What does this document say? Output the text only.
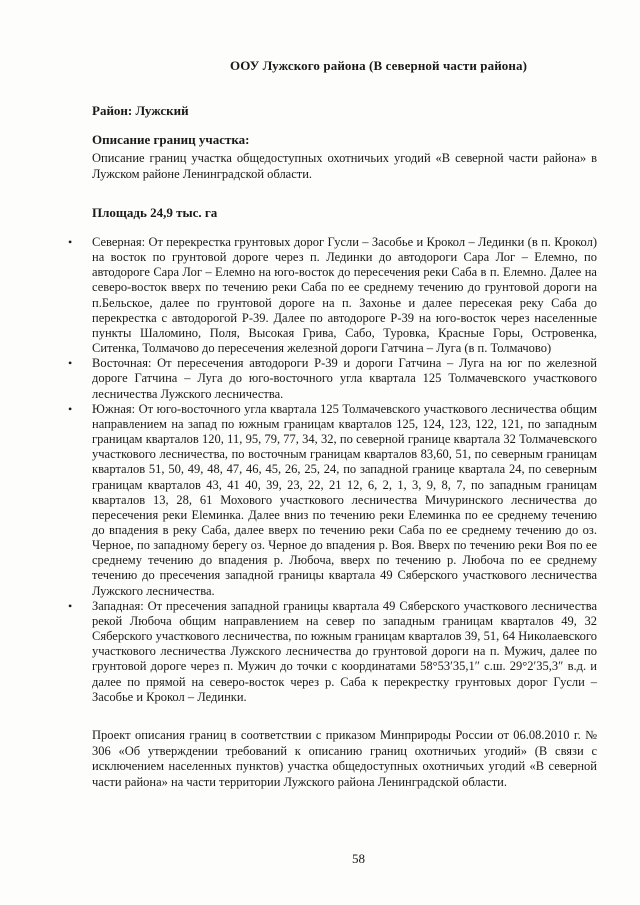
ООУ Лужского района (В северной части района)
Район: Лужский
Описание границ участка:

Описание границ участка общедоступных охотничьих угодий «В северной части района» в Лужском районе Ленинградской области.

Площадь 24,9 тыс. га
• Северная: От перекрестка грунтовых дорог Гусли – Засобье и Крокол – Лединки (в п. Крокол) на восток по грунтовой дороге через п. Лединки до автодороги Сара Лог – Елемно, по автодороге Сара Лог – Елемно на юго-восток до пересечения реки Саба в п. Елемно. Далее на северо-восток вверх по течению реки Саба по ее среднему течению до грунтовой дороги на п.Бельское, далее по грунтовой дороге на п. Захонье и далее пересекая реку Саба до перекрестка с автодорогой Р-39. Далее по автодороге Р-39 на юго-восток через населенные пункты Шаломино, Поля, Высокая Грива, Сабо, Туровка, Красные Горы, Островенка, Ситенка, Толмачово до пересечения железной дороги Гатчина – Луга (в п. Толмачово)
• Восточная: От пересечения автодороги Р-39 и дороги Гатчина – Луга на юг по железной дороге Гатчина – Луга до юго-восточного угла квартала 125 Толмачевского участкового лесничества Лужского лесничества.
• Южная: От юго-восточного угла квартала 125 Толмачевского участкового лесничества общим направлением на запад по южным границам кварталов 125, 124, 123, 122, 121, по западным границам кварталов 120, 11, 95, 79, 77, 34, 32, по северной границе квартала 32 Толмачевского участкового лесничества, по восточным границам кварталов 83,60, 51, по северным границам кварталов 51, 50, 49, 48, 47, 46, 45, 26, 25, 24, по западной границе квартала 24, по северным границам кварталов 43, 41 40, 39, 23, 22, 21 12, 6, 2, 1, 3, 9, 8, 7, по западным границам кварталов 13, 28, 61 Мохового участкового лесничества Мичуринского лесничества до пересечения реки Еleминка. Далее вниз по течению реки Елеминка по ее среднему течению до впадения в реку Саба, далее вверх по течению реки Саба по ее среднему течению до оз. Черное, по западному берегу оз. Черное до впадения р. Воя. Вверх по течению реки Воя по ее среднему течению до впадения р. Любоча, вверх по течению р. Любоча по ее среднему течению до пресечения западной границы квартала 49 Сяберского участкового лесничества Лужского лесничества.
• Западная: От пресечения западной границы квартала 49 Сяберского участкового лесничества рекой Любоча общим направлением на север по западным границам кварталов 49, 32 Сяберского участкового лесничества, по южным границам кварталов 39, 51, 64 Николаевского участкового лесничества Лужского лесничества до грунтовой дороги на п. Мужич, далее по грунтовой дороге через п. Мужич до точки с координатами 58°53′35,1″ с.ш. 29°2′35,3″ в.д. и далее по прямой на северо-восток через р. Саба к перекрестку грунтовых дорог Гусли – Засобье и Крокол – Лединки.

Проект описания границ в соответствии с приказом Минприроды России от 06.08.2010 г. № 306 «Об утверждении требований к описанию границ охотничьих угодий» (В связи с исключением населенных пунктов) участка общедоступных охотничьих угодий «В северной части района» на части территории Лужского района Ленинградской области.

58
